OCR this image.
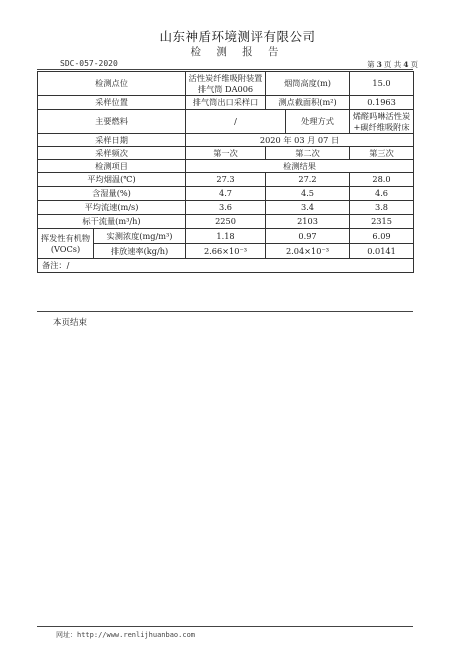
山东神盾环境测评有限公司
检 测 报 告
SDC-057-2020	第 3 页 共 4 页
检测点位		活性炭纤维吸附装置排气筒 DA006	烟筒高度(m)		15.0
采样位置		排气筒出口采样口	测点截面积(m²)		0.1963
主要燃料		/		处理方式	烯醛吗啉活性炭+碳纤维吸附床
采样日期		2020 年 03 月 07 日			
采样频次		第一次	第二次		第三次
检测项目		检测结果			
平均烟温(℃)		27.3	27.2		28.0
含湿量(%)		4.7	4.5		4.6
平均流速(m/s)		3.6	3.4		3.8
标干流量(m³/h)		2250	2103		2315

挥发性有机物
(VOCs)	实测浓度(mg/m³)	1.18	0.97		6.09
	排放速率(kg/h)	2.66×10⁻³	2.04×10⁻³		0.0141
备注：/					
本页结束
网址：http://www.renlijhuanbao.com
